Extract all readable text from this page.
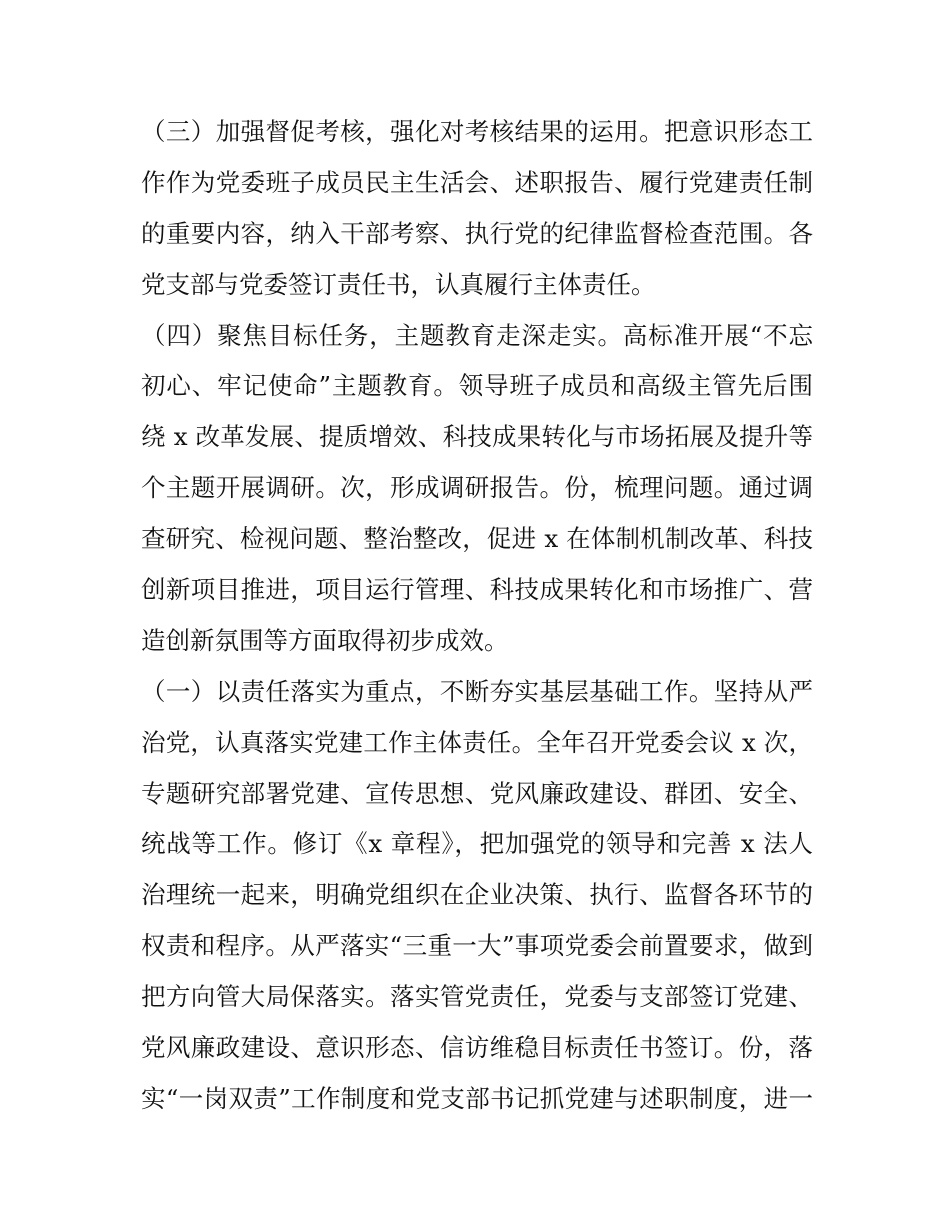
（三）加强督促考核，强化对考核结果的运用。把意识形态工
作作为党委班子成员民主生活会、述职报告、履行党建责任制
的重要内容，纳入干部考察、执行党的纪律监督检查范围。各
党支部与党委签订责任书，认真履行主体责任。
（四）聚焦目标任务，主题教育走深走实。高标准开展“不忘
初心、牢记使命”主题教育。领导班子成员和高级主管先后围
绕 x 改革发展、提质增效、科技成果转化与市场拓展及提升等
个主题开展调研。次，形成调研报告。份，梳理问题。通过调
查研究、检视问题、整治整改，促进 x 在体制机制改革、科技
创新项目推进，项目运行管理、科技成果转化和市场推广、营
造创新氛围等方面取得初步成效。
（一）以责任落实为重点，不断夯实基层基础工作。坚持从严
治党，认真落实党建工作主体责任。全年召开党委会议 x 次，
专题研究部署党建、宣传思想、党风廉政建设、群团、安全、
统战等工作。修订《x 章程》，把加强党的领导和完善 x 法人
治理统一起来，明确党组织在企业决策、执行、监督各环节的
权责和程序。从严落实“三重一大”事项党委会前置要求，做到
把方向管大局保落实。落实管党责任，党委与支部签订党建、
党风廉政建设、意识形态、信访维稳目标责任书签订。份，落
实“一岗双责”工作制度和党支部书记抓党建与述职制度，进一
